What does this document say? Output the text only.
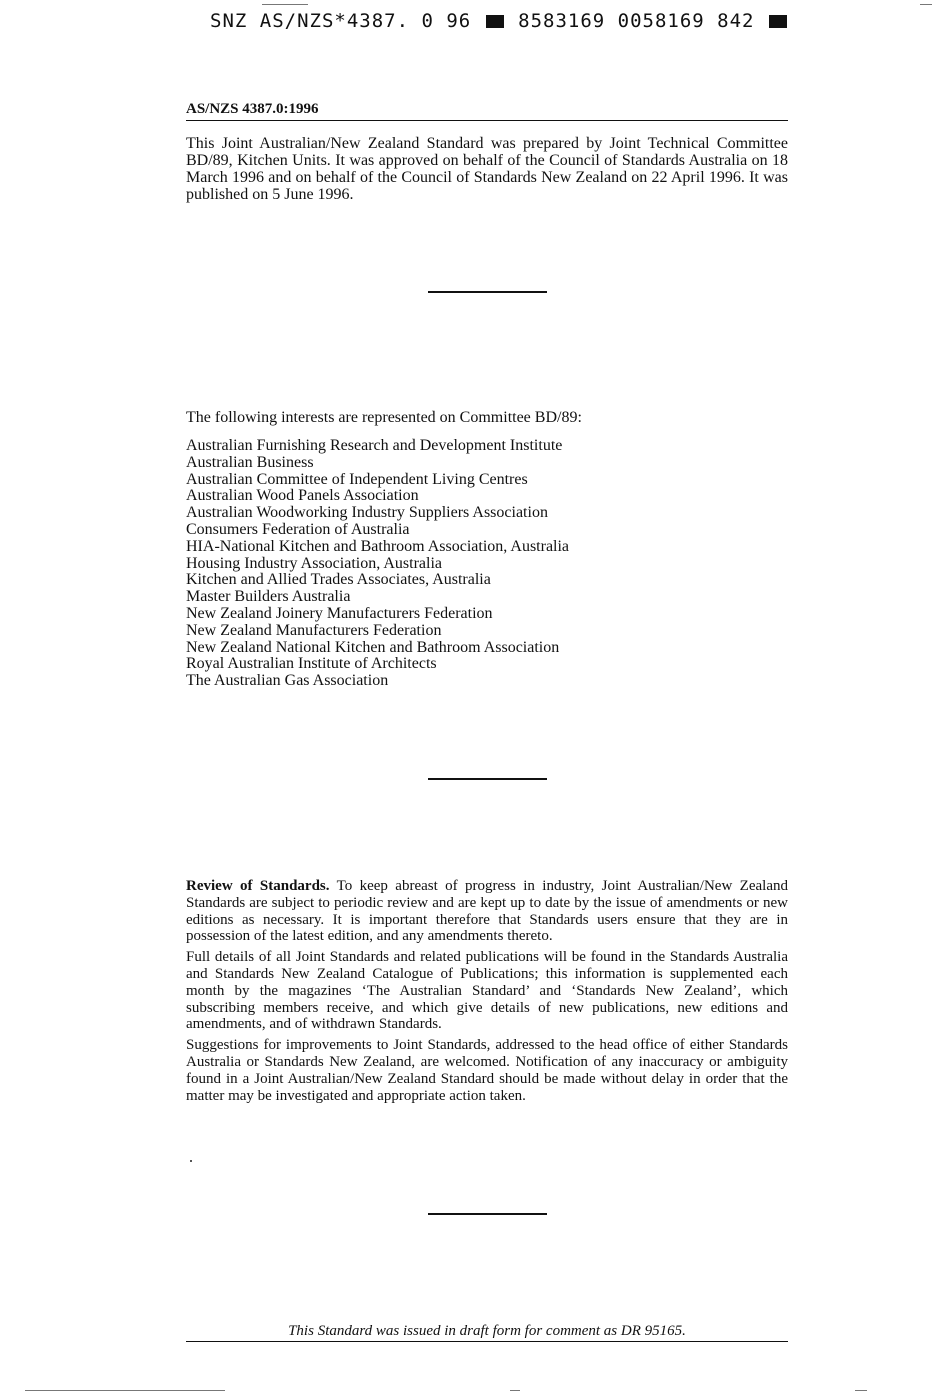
SNZ AS/NZS*4387. 0 96 8583169 0058169 842
AS/NZS 4387.0:1996

This Joint Australian/New Zealand Standard was prepared by Joint Technical Committee BD/89, Kitchen Units. It was approved on behalf of the Council of Standards Australia on 18 March 1996 and on behalf of the Council of Standards New Zealand on 22 April 1996. It was published on 5 June 1996.

The following interests are represented on Committee BD/89:

Australian Furnishing Research and Development Institute
Australian Business
Australian Committee of Independent Living Centres
Australian Wood Panels Association
Australian Woodworking Industry Suppliers Association
Consumers Federation of Australia
HIA-National Kitchen and Bathroom Association, Australia
Housing Industry Association, Australia
Kitchen and Allied Trades Associates, Australia
Master Builders Australia
New Zealand Joinery Manufacturers Federation
New Zealand Manufacturers Federation
New Zealand National Kitchen and Bathroom Association
Royal Australian Institute of Architects
The Australian Gas Association

Review of Standards. To keep abreast of progress in industry, Joint Australian/New Zealand Standards are subject to periodic review and are kept up to date by the issue of amendments or new editions as necessary. It is important therefore that Standards users ensure that they are in possession of the latest edition, and any amendments thereto.

Full details of all Joint Standards and related publications will be found in the Standards Australia and Standards New Zealand Catalogue of Publications; this information is supplemented each month by the magazines ‘The Australian Standard’ and ‘Standards New Zealand’, which subscribing members receive, and which give details of new publications, new editions and amendments, and of withdrawn Standards.

Suggestions for improvements to Joint Standards, addressed to the head office of either Standards Australia or Standards New Zealand, are welcomed. Notification of any inaccuracy or ambiguity found in a Joint Australian/New Zealand Standard should be made without delay in order that the matter may be investigated and appropriate action taken.

This Standard was issued in draft form for comment as DR 95165.
